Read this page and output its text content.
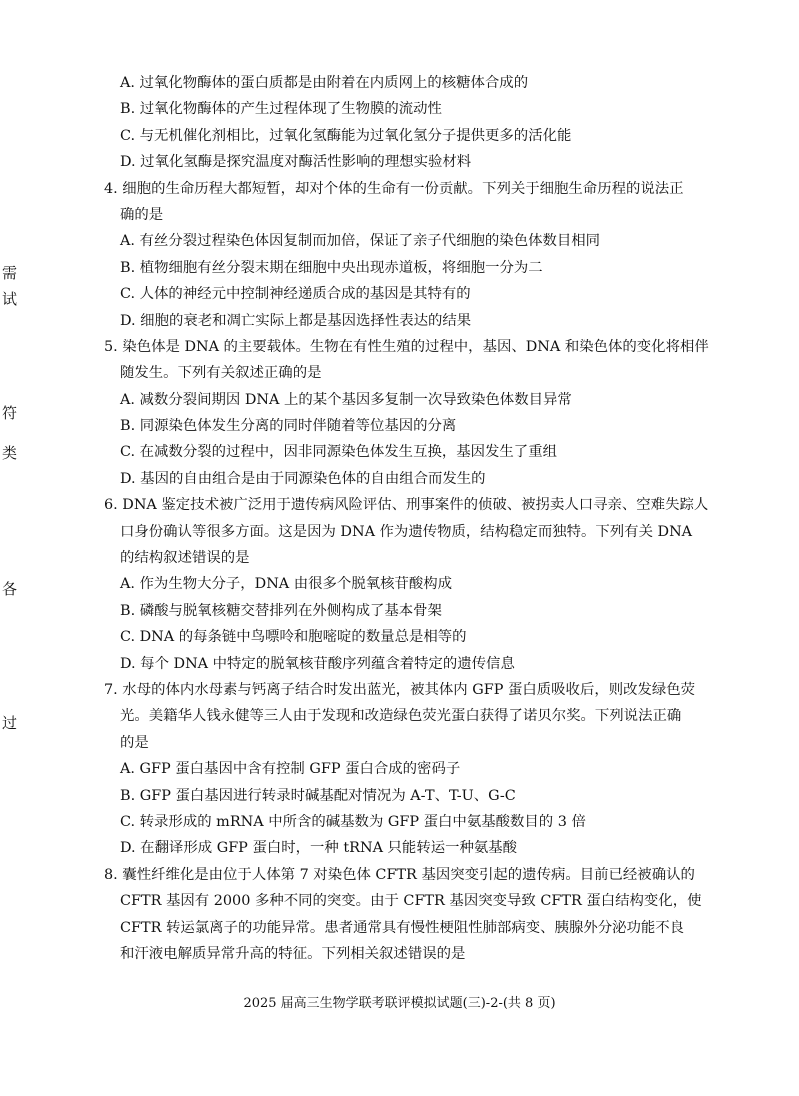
需
试
符
类
各
过
A. 过氧化物酶体的蛋白质都是由附着在内质网上的核糖体合成的
B. 过氧化物酶体的产生过程体现了生物膜的流动性
C. 与无机催化剂相比，过氧化氢酶能为过氧化氢分子提供更多的活化能
D. 过氧化氢酶是探究温度对酶活性影响的理想实验材料
4. 细胞的生命历程大都短暂，却对个体的生命有一份贡献。下列关于细胞生命历程的说法正
确的是
A. 有丝分裂过程染色体因复制而加倍，保证了亲子代细胞的染色体数目相同
B. 植物细胞有丝分裂末期在细胞中央出现赤道板，将细胞一分为二
C. 人体的神经元中控制神经递质合成的基因是其特有的
D. 细胞的衰老和凋亡实际上都是基因选择性表达的结果
5. 染色体是 DNA 的主要载体。生物在有性生殖的过程中，基因、DNA 和染色体的变化将相伴
随发生。下列有关叙述正确的是
A. 减数分裂间期因 DNA 上的某个基因多复制一次导致染色体数目异常
B. 同源染色体发生分离的同时伴随着等位基因的分离
C. 在减数分裂的过程中，因非同源染色体发生互换，基因发生了重组
D. 基因的自由组合是由于同源染色体的自由组合而发生的
6. DNA 鉴定技术被广泛用于遗传病风险评估、刑事案件的侦破、被拐卖人口寻亲、空难失踪人
口身份确认等很多方面。这是因为 DNA 作为遗传物质，结构稳定而独特。下列有关 DNA
的结构叙述错误的是
A. 作为生物大分子，DNA 由很多个脱氧核苷酸构成
B. 磷酸与脱氧核糖交替排列在外侧构成了基本骨架
C. DNA 的每条链中鸟嘌呤和胞嘧啶的数量总是相等的
D. 每个 DNA 中特定的脱氧核苷酸序列蕴含着特定的遗传信息
7. 水母的体内水母素与钙离子结合时发出蓝光，被其体内 GFP 蛋白质吸收后，则改发绿色荧
光。美籍华人钱永健等三人由于发现和改造绿色荧光蛋白获得了诺贝尔奖。下列说法正确
的是
A. GFP 蛋白基因中含有控制 GFP 蛋白合成的密码子
B. GFP 蛋白基因进行转录时碱基配对情况为 A-T、T-U、G-C
C. 转录形成的 mRNA 中所含的碱基数为 GFP 蛋白中氨基酸数目的 3 倍
D. 在翻译形成 GFP 蛋白时，一种 tRNA 只能转运一种氨基酸
8. 囊性纤维化是由位于人体第 7 对染色体 CFTR 基因突变引起的遗传病。目前已经被确认的
CFTR 基因有 2000 多种不同的突变。由于 CFTR 基因突变导致 CFTR 蛋白结构变化，使
CFTR 转运氯离子的功能异常。患者通常具有慢性梗阻性肺部病变、胰腺外分泌功能不良
和汗液电解质异常升高的特征。下列相关叙述错误的是
2025 届高三生物学联考联评模拟试题(三)-2-(共 8 页)
